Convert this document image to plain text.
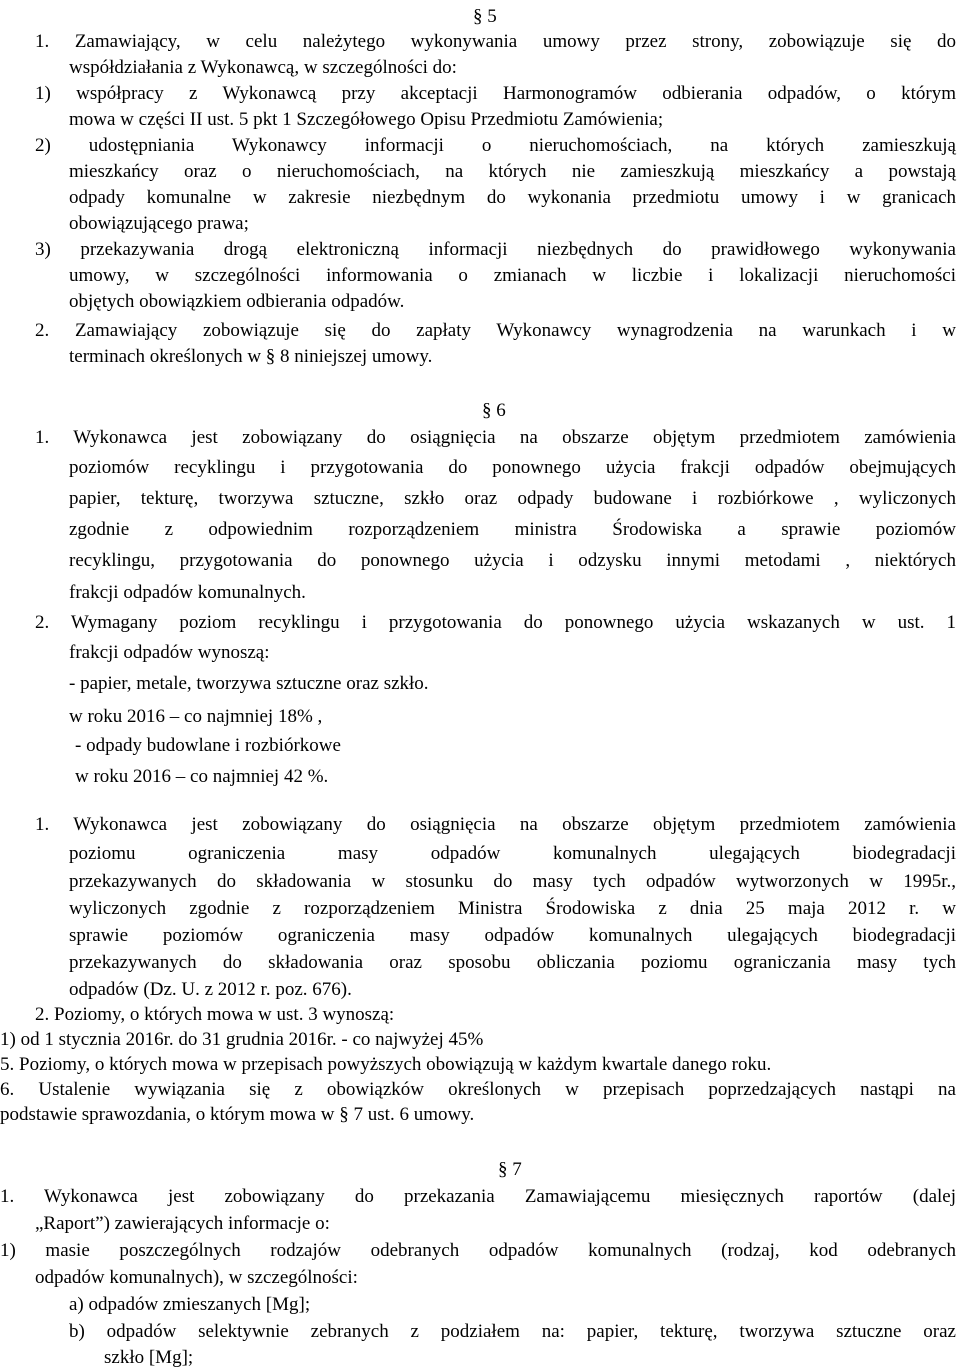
§ 5
1. Zamawiający, w celu należytego wykonywania umowy przez strony, zobowiązuje się do
współdziałania z Wykonawcą, w szczególności do:
1) współpracy z Wykonawcą przy akceptacji Harmonogramów odbierania odpadów, o którym
mowa w części II ust. 5 pkt 1 Szczegółowego Opisu Przedmiotu Zamówienia;
2) udostępniania Wykonawcy informacji o nieruchomościach, na których zamieszkują
mieszkańcy oraz o nieruchomościach, na których nie zamieszkują mieszkańcy a powstają
odpady komunalne w zakresie niezbędnym do wykonania przedmiotu umowy i w granicach
obowiązującego prawa;
3) przekazywania drogą elektroniczną informacji niezbędnych do prawidłowego wykonywania
umowy, w szczególności informowania o zmianach w liczbie i lokalizacji nieruchomości
objętych obowiązkiem odbierania odpadów.
2. Zamawiający zobowiązuje się do zapłaty Wykonawcy wynagrodzenia na warunkach i w
terminach określonych w § 8 niniejszej umowy.
§ 6
1. Wykonawca jest zobowiązany do osiągnięcia na obszarze objętym przedmiotem zamówienia
poziomów recyklingu i przygotowania do ponownego użycia frakcji odpadów obejmujących
papier, tekturę, tworzywa sztuczne, szkło oraz odpady budowane i rozbiórkowe , wyliczonych
zgodnie z odpowiednim rozporządzeniem ministra Środowiska a sprawie poziomów
recyklingu, przygotowania do ponownego użycia i odzysku innymi metodami , niektórych
frakcji odpadów komunalnych.
2. Wymagany poziom recyklingu i przygotowania do ponownego użycia wskazanych w ust. 1
frakcji odpadów wynoszą:
- papier, metale, tworzywa sztuczne oraz szkło.
w roku 2016 – co najmniej 18% ,
- odpady budowlane i rozbiórkowe
w roku 2016 – co najmniej 42 %.
1. Wykonawca jest zobowiązany do osiągnięcia na obszarze objętym przedmiotem zamówienia
poziomu ograniczenia masy odpadów komunalnych ulegających biodegradacji
przekazywanych do składowania w stosunku do masy tych odpadów wytworzonych w 1995r.,
wyliczonych zgodnie z rozporządzeniem Ministra Środowiska z dnia 25 maja 2012 r. w
sprawie poziomów ograniczenia masy odpadów komunalnych ulegających biodegradacji
przekazywanych do składowania oraz sposobu obliczania poziomu ograniczania masy tych
odpadów (Dz. U. z 2012 r. poz. 676).
2. Poziomy, o których mowa w ust. 3 wynoszą:
1) od 1 stycznia 2016r. do 31 grudnia 2016r. - co najwyżej 45%
5. Poziomy, o których mowa w przepisach powyższych obowiązują w każdym kwartale danego roku.
6. Ustalenie wywiązania się z obowiązków określonych w przepisach poprzedzających nastąpi na
podstawie sprawozdania, o którym mowa w § 7 ust. 6 umowy.
§ 7
1. Wykonawca jest zobowiązany do przekazania Zamawiającemu miesięcznych raportów (dalej
„Raport”) zawierających informacje o:
1) masie poszczególnych rodzajów odebranych odpadów komunalnych (rodzaj, kod odebranych
odpadów komunalnych), w szczególności:
a) odpadów zmieszanych [Mg];
b) odpadów selektywnie zebranych z podziałem na: papier, tekturę, tworzywa sztuczne oraz
szkło [Mg];
